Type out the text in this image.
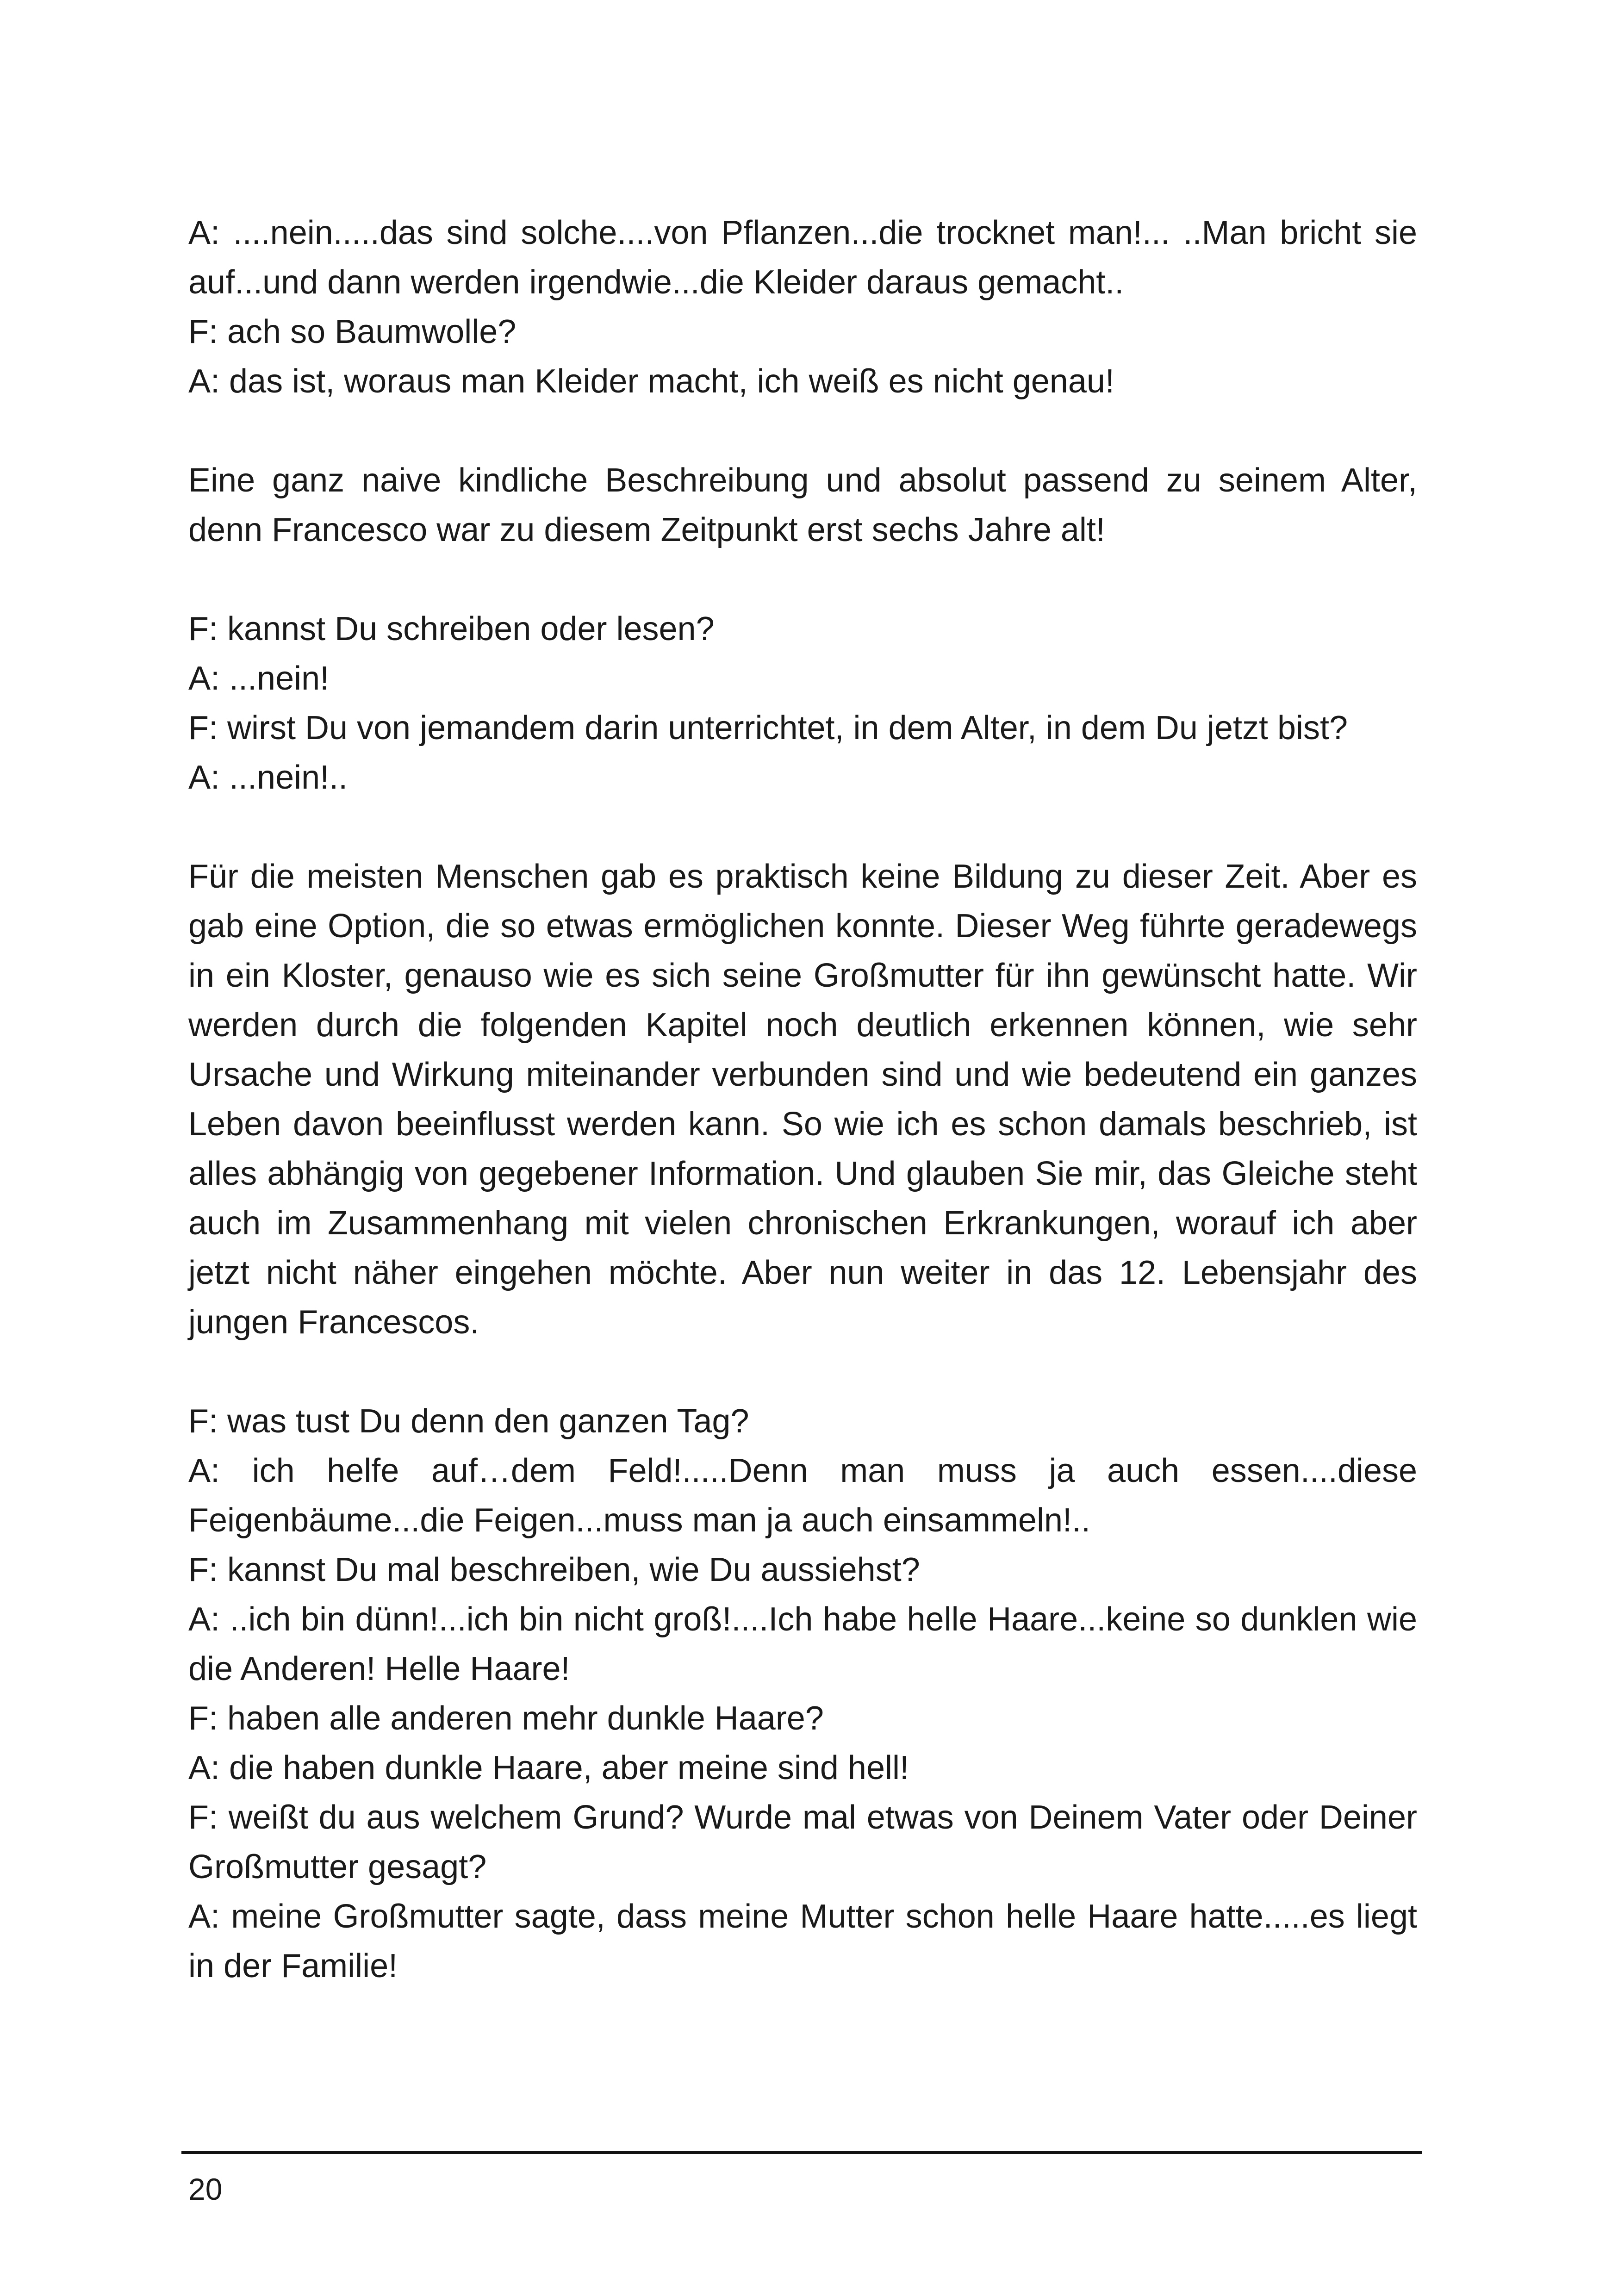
A: ....nein.....das sind solche....von Pflanzen...die trocknet man!... ..Man bricht sie auf...und dann werden irgendwie...die Kleider daraus gemacht..

F: ach so Baumwolle?

A: das ist, woraus man Kleider macht, ich weiß es nicht genau!

Eine ganz naive kindliche Beschreibung und absolut passend zu seinem Alter, denn Francesco war zu diesem Zeitpunkt erst sechs Jahre alt!

F: kannst Du schreiben oder lesen?

A: ...nein!

F: wirst Du von jemandem darin unterrichtet, in dem Alter, in dem Du jetzt bist?

A: ...nein!..

Für die meisten Menschen gab es praktisch keine Bildung zu dieser Zeit. Aber es gab eine Option, die so etwas ermöglichen konnte. Dieser Weg führte geradewegs in ein Kloster, genauso wie es sich seine Großmutter für ihn gewünscht hatte. Wir werden durch die folgenden Kapitel noch deutlich erkennen können, wie sehr Ursache und Wirkung miteinander verbunden sind und wie bedeutend ein ganzes Leben davon beeinflusst werden kann. So wie ich es schon damals beschrieb, ist alles abhängig von gegebener Information. Und glauben Sie mir, das Gleiche steht auch im Zusammenhang mit vielen chronischen Erkrankungen, worauf ich aber jetzt nicht näher eingehen möchte. Aber nun weiter in das 12. Lebensjahr des jungen Francescos.

F: was tust Du denn den ganzen Tag?

A: ich helfe auf…dem Feld!.....Denn man muss ja auch essen....diese Feigenbäume...die Feigen...muss man ja auch einsammeln!..

F: kannst Du mal beschreiben, wie Du aussiehst?

A: ..ich bin dünn!...ich bin nicht groß!....Ich habe helle Haare...keine so dunklen wie die Anderen! Helle Haare!

F: haben alle anderen mehr dunkle Haare?

A: die haben dunkle Haare, aber meine sind hell!

F: weißt du aus welchem Grund? Wurde mal etwas von Deinem Vater oder Deiner Großmutter gesagt?

A: meine Großmutter sagte, dass meine Mutter schon helle Haare hatte.....es liegt in der Familie!

20
